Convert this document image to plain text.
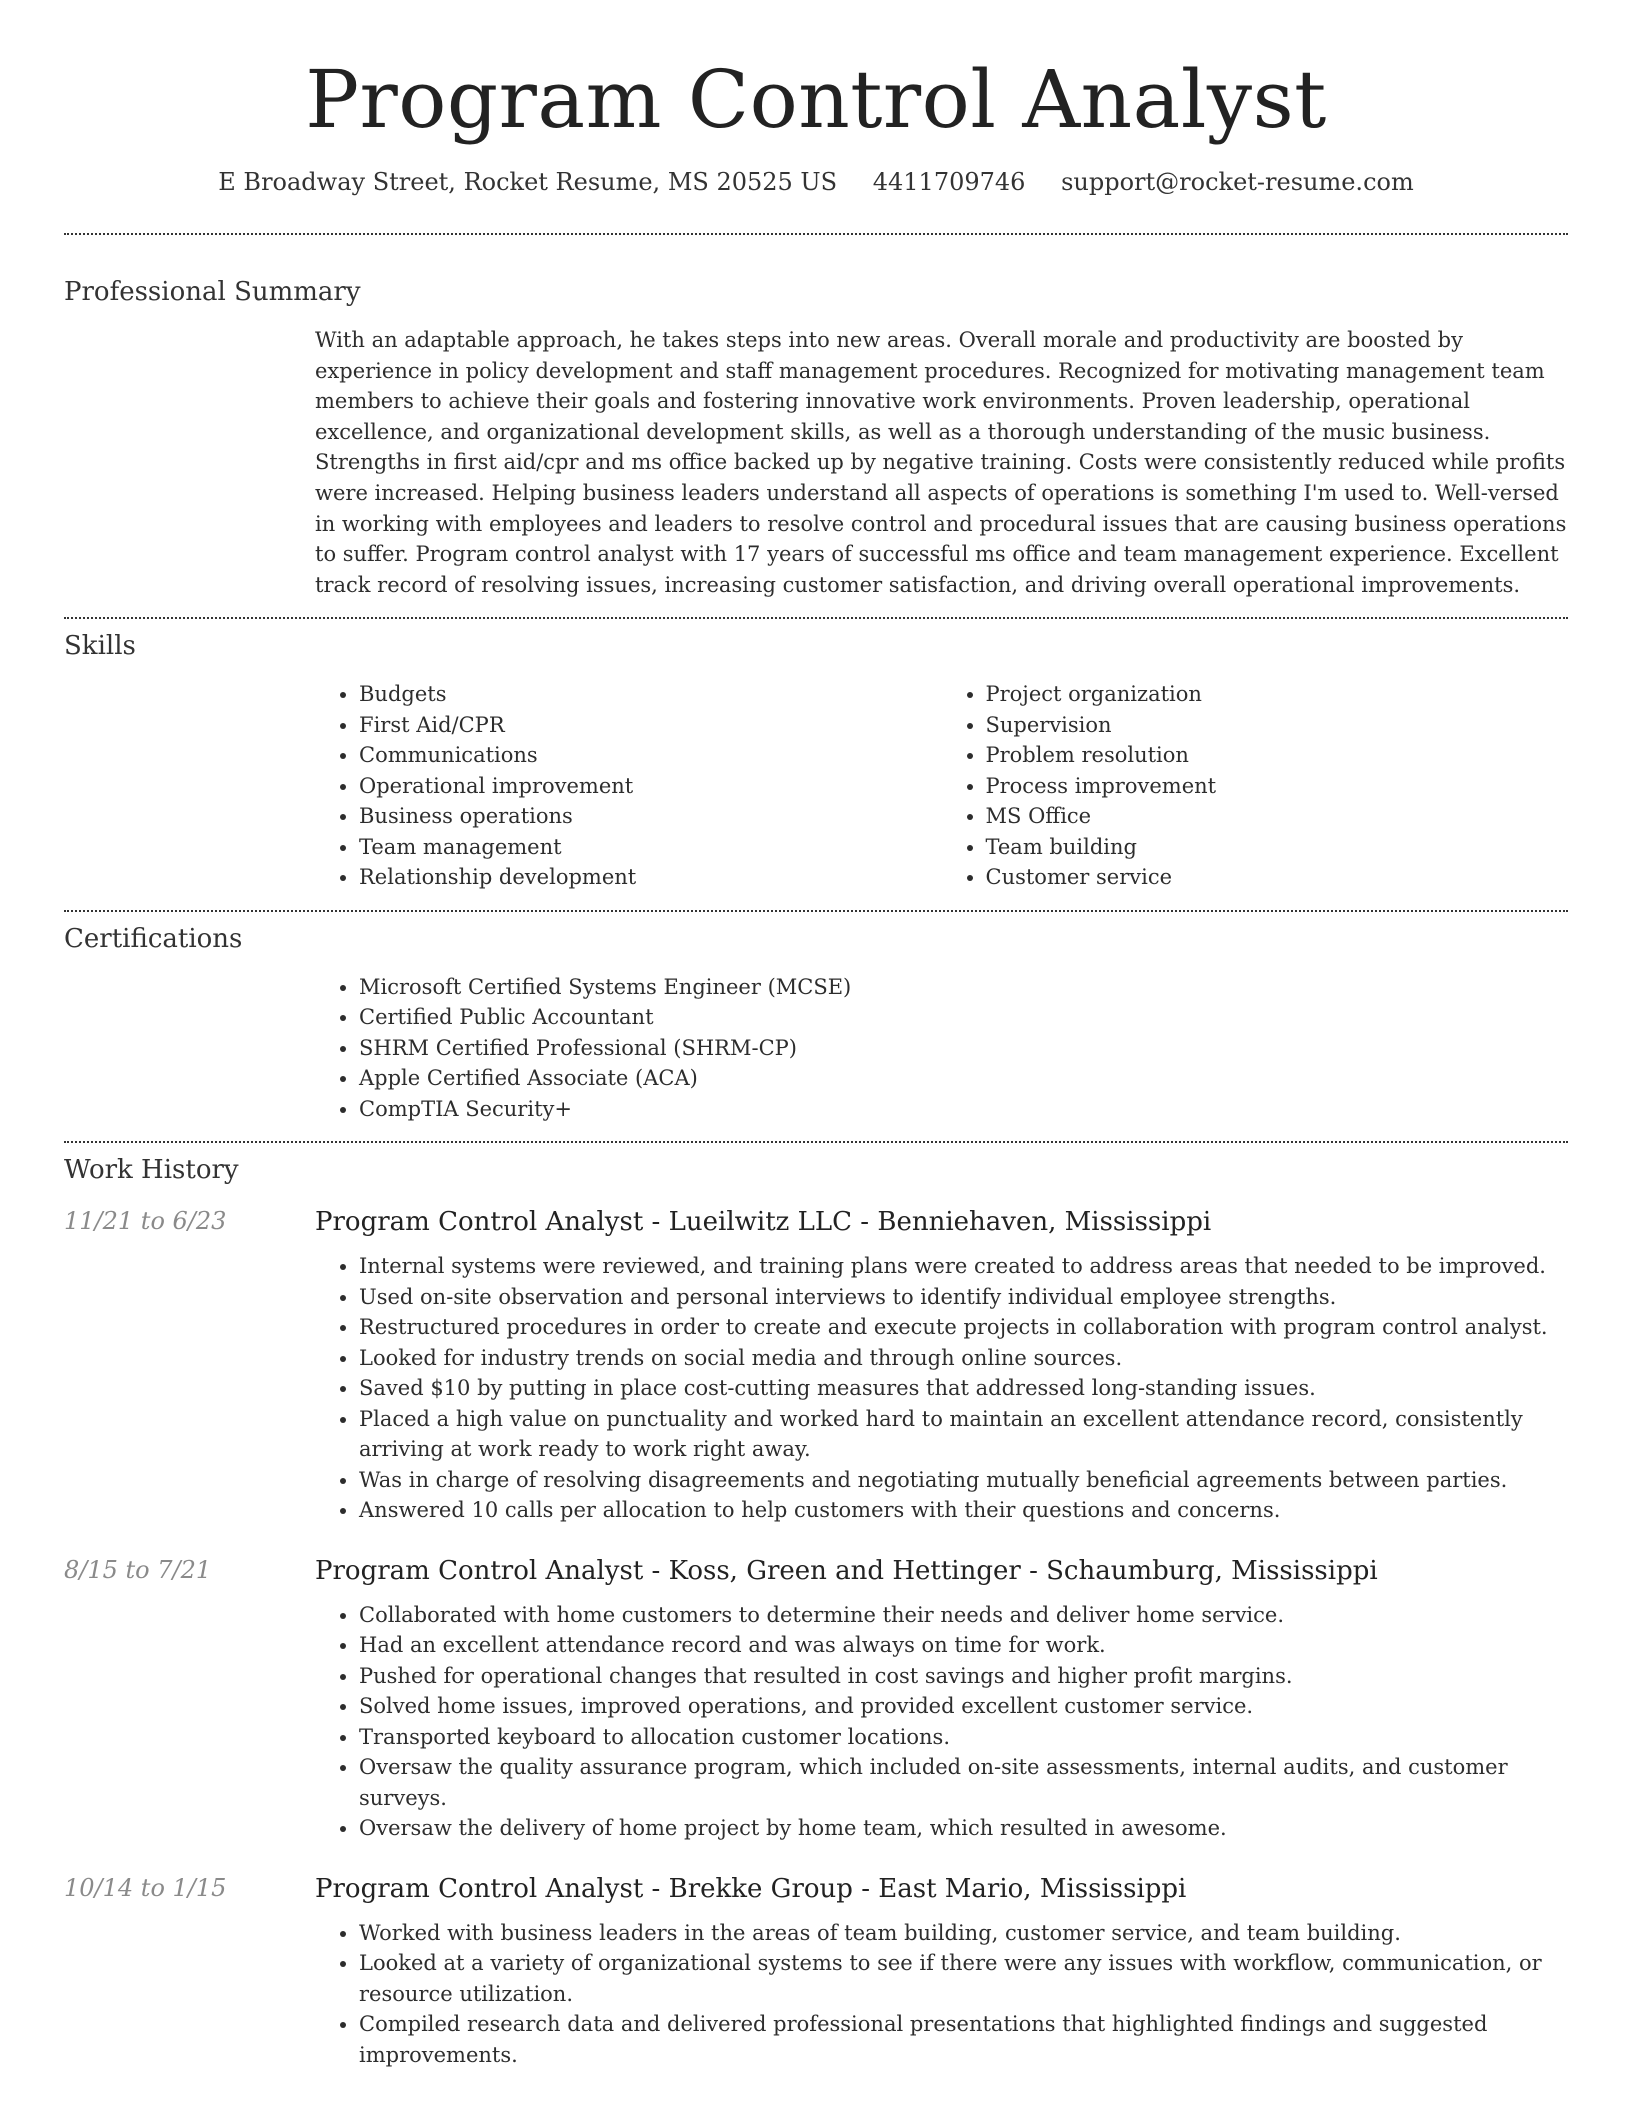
Program Control Analyst
E Broadway Street, Rocket Resume, MS 20525 US 4411709746 support@rocket-resume.com
Professional Summary
With an adaptable approach, he takes steps into new areas. Overall morale and productivity are boosted by experience in policy development and staff management procedures. Recognized for motivating management team members to achieve their goals and fostering innovative work environments. Proven leadership, operational excellence, and organizational development skills, as well as a thorough understanding of the music business. Strengths in first aid/cpr and ms office backed up by negative training. Costs were consistently reduced while profits were increased. Helping business leaders understand all aspects of operations is something I'm used to. Well-versed in working with employees and leaders to resolve control and procedural issues that are causing business operations to suffer. Program control analyst with 17 years of successful ms office and team management experience. Excellent track record of resolving issues, increasing customer satisfaction, and driving overall operational improvements.
Skills
• Budgets
• First Aid/CPR
• Communications
• Operational improvement
• Business operations
• Team management
• Relationship development
• Project organization
• Supervision
• Problem resolution
• Process improvement
• MS Office
• Team building
• Customer service
Certifications
• Microsoft Certified Systems Engineer (MCSE)
• Certified Public Accountant
• SHRM Certified Professional (SHRM-CP)
• Apple Certified Associate (ACA)
• CompTIA Security+
Work History
11/21 to 6/23	Program Control Analyst - Lueilwitz LLC - Benniehaven, Mississippi
• Internal systems were reviewed, and training plans were created to address areas that needed to be improved.
• Used on-site observation and personal interviews to identify individual employee strengths.
• Restructured procedures in order to create and execute projects in collaboration with program control analyst.
• Looked for industry trends on social media and through online sources.
• Saved $10 by putting in place cost-cutting measures that addressed long-standing issues.
• Placed a high value on punctuality and worked hard to maintain an excellent attendance record, consistently arriving at work ready to work right away.
• Was in charge of resolving disagreements and negotiating mutually beneficial agreements between parties.
• Answered 10 calls per allocation to help customers with their questions and concerns.
8/15 to 7/21	Program Control Analyst - Koss, Green and Hettinger - Schaumburg, Mississippi
• Collaborated with home customers to determine their needs and deliver home service.
• Had an excellent attendance record and was always on time for work.
• Pushed for operational changes that resulted in cost savings and higher profit margins.
• Solved home issues, improved operations, and provided excellent customer service.
• Transported keyboard to allocation customer locations.
• Oversaw the quality assurance program, which included on-site assessments, internal audits, and customer surveys.
• Oversaw the delivery of home project by home team, which resulted in awesome.
10/14 to 1/15	Program Control Analyst - Brekke Group - East Mario, Mississippi
• Worked with business leaders in the areas of team building, customer service, and team building.
• Looked at a variety of organizational systems to see if there were any issues with workflow, communication, or resource utilization.
• Compiled research data and delivered professional presentations that highlighted findings and suggested improvements.
